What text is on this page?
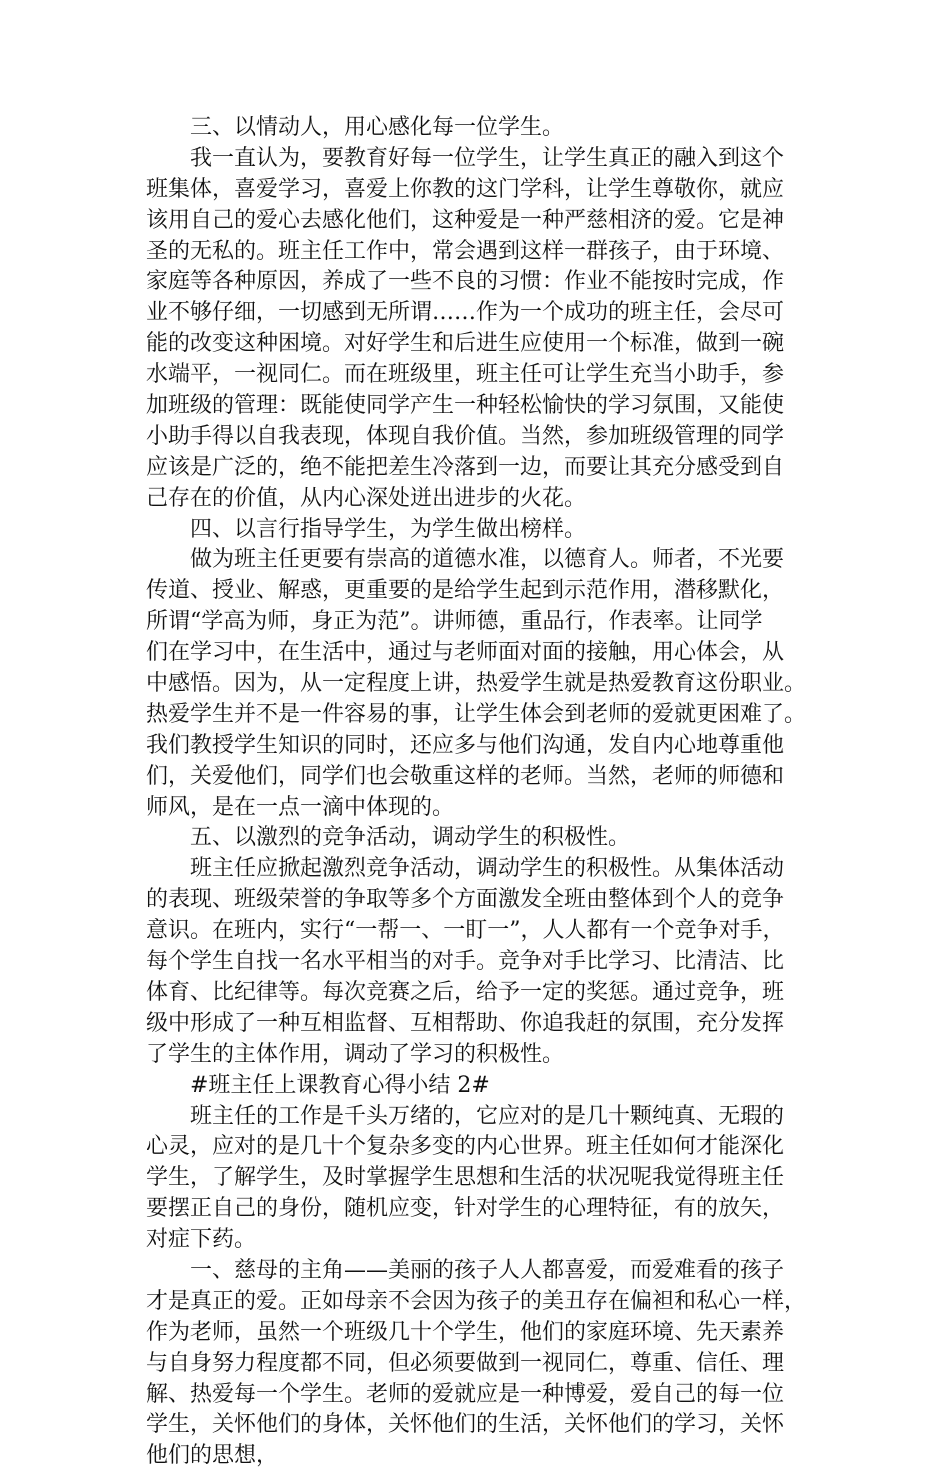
三、以情动人，用心感化每一位学生。
我一直认为，要教育好每一位学生，让学生真正的融入到这个
班集体，喜爱学习，喜爱上你教的这门学科，让学生尊敬你，就应
该用自己的爱心去感化他们，这种爱是一种严慈相济的爱。它是神
圣的无私的。班主任工作中，常会遇到这样一群孩子，由于环境、
家庭等各种原因，养成了一些不良的习惯：作业不能按时完成，作
业不够仔细，一切感到无所谓……作为一个成功的班主任，会尽可
能的改变这种困境。对好学生和后进生应使用一个标准，做到一碗
水端平，一视同仁。而在班级里，班主任可让学生充当小助手，参
加班级的管理：既能使同学产生一种轻松愉快的学习氛围，又能使
小助手得以自我表现，体现自我价值。当然，参加班级管理的同学
应该是广泛的，绝不能把差生冷落到一边，而要让其充分感受到自
己存在的价值，从内心深处迸出进步的火花。
四、以言行指导学生，为学生做出榜样。
做为班主任更要有崇高的道德水准，以德育人。师者，不光要
传道、授业、解惑，更重要的是给学生起到示范作用，潜移默化，
所谓“学高为师，身正为范”。讲师德，重品行，作表率。让同学
们在学习中，在生活中，通过与老师面对面的接触，用心体会，从
中感悟。因为，从一定程度上讲，热爱学生就是热爱教育这份职业。
热爱学生并不是一件容易的事，让学生体会到老师的爱就更困难了。
我们教授学生知识的同时，还应多与他们沟通，发自内心地尊重他
们，关爱他们，同学们也会敬重这样的老师。当然，老师的师德和
师风，是在一点一滴中体现的。
五、以激烈的竞争活动，调动学生的积极性。
班主任应掀起激烈竞争活动，调动学生的积极性。从集体活动
的表现、班级荣誉的争取等多个方面激发全班由整体到个人的竞争
意识。在班内，实行“一帮一、一盯一”，人人都有一个竞争对手，
每个学生自找一名水平相当的对手。竞争对手比学习、比清洁、比
体育、比纪律等。每次竞赛之后，给予一定的奖惩。通过竞争，班
级中形成了一种互相监督、互相帮助、你追我赶的氛围，充分发挥
了学生的主体作用，调动了学习的积极性。
#班主任上课教育心得小结 2#
班主任的工作是千头万绪的，它应对的是几十颗纯真、无瑕的
心灵，应对的是几十个复杂多变的内心世界。班主任如何才能深化
学生，了解学生，及时掌握学生思想和生活的状况呢我觉得班主任
要摆正自己的身份，随机应变，针对学生的心理特征，有的放矢，
对症下药。
一、慈母的主角——美丽的孩子人人都喜爱，而爱难看的孩子
才是真正的爱。正如母亲不会因为孩子的美丑存在偏袒和私心一样，
作为老师，虽然一个班级几十个学生，他们的家庭环境、先天素养
与自身努力程度都不同，但必须要做到一视同仁，尊重、信任、理
解、热爱每一个学生。老师的爱就应是一种博爱，爱自己的每一位
学生，关怀他们的身体，关怀他们的生活，关怀他们的学习，关怀
他们的思想，
